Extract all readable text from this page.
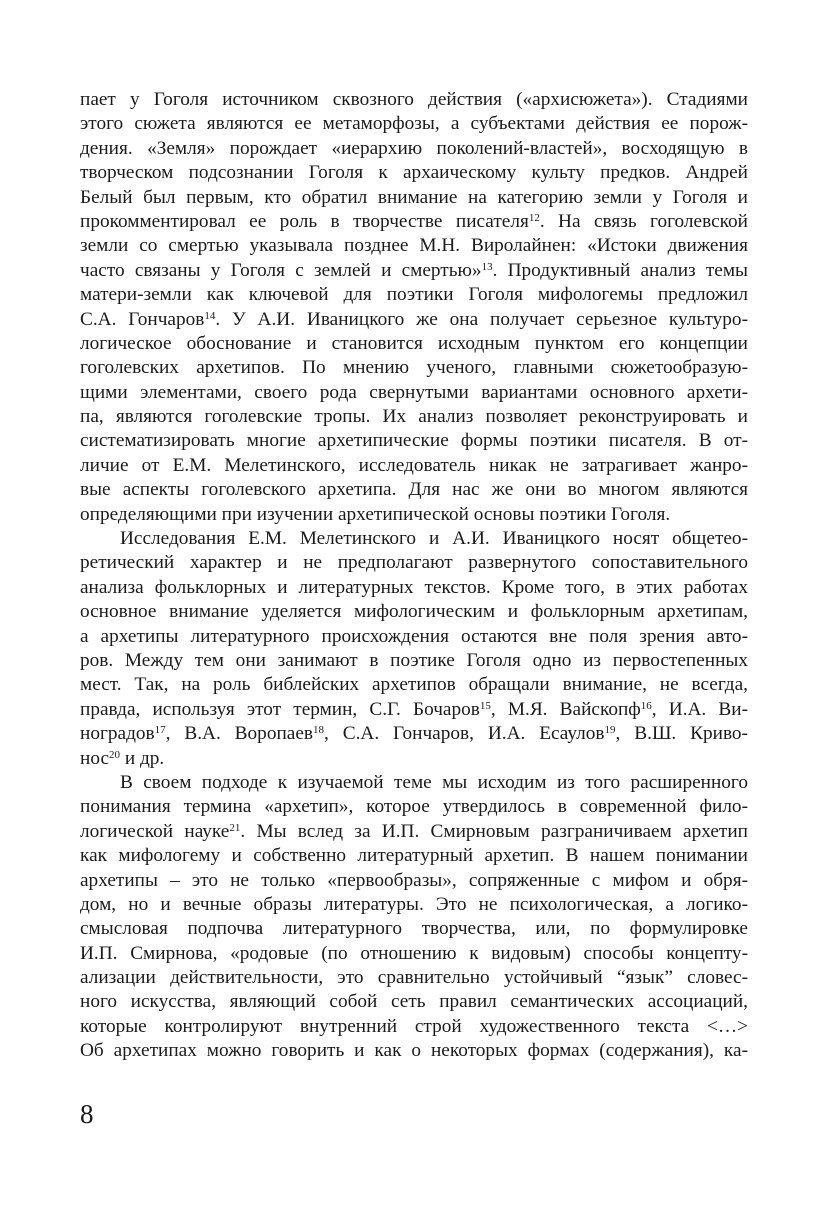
пает у Гоголя источником сквозного действия («архисюжета»). Стадиями
этого сюжета являются ее метаморфозы, а субъектами действия ее порож-
дения. «Земля» порождает «иерархию поколений-властей», восходящую в
творческом подсознании Гоголя к архаическому культу предков. Андрей
Белый был первым, кто обратил внимание на категорию земли у Гоголя и
прокомментировал ее роль в творчестве писателя$^{12}$. На связь гоголевской
земли со смертью указывала позднее М.Н. Виролайнен: «Истоки движения
часто связаны у Гоголя с землей и смертью»$^{13}$. Продуктивный анализ темы
матери-земли как ключевой для поэтики Гоголя мифологемы предложил
С.А. Гончаров$^{14}$. У А.И. Иваницкого же она получает серьезное культуро-
логическое обоснование и становится исходным пунктом его концепции
гоголевских архетипов. По мнению ученого, главными сюжетообразую-
щими элементами, своего рода свернутыми вариантами основного архети-
па, являются гоголевские тропы. Их анализ позволяет реконструировать и
систематизировать многие архетипические формы поэтики писателя. В от-
личие от Е.М. Мелетинского, исследователь никак не затрагивает жанро-
вые аспекты гоголевского архетипа. Для нас же они во многом являются
определяющими при изучении архетипической основы поэтики Гоголя.
Исследования Е.М. Мелетинского и А.И. Иваницкого носят общетео-
ретический характер и не предполагают развернутого сопоставительного
анализа фольклорных и литературных текстов. Кроме того, в этих работах
основное внимание уделяется мифологическим и фольклорным архетипам,
а архетипы литературного происхождения остаются вне поля зрения авто-
ров. Между тем они занимают в поэтике Гоголя одно из первостепенных
мест. Так, на роль библейских архетипов обращали внимание, не всегда,
правда, используя этот термин, С.Г. Бочаров$^{15}$, М.Я. Вайскопф$^{16}$, И.А. Ви-
ноградов$^{17}$, В.А. Воропаев$^{18}$, С.А. Гончаров, И.А. Есаулов$^{19}$, В.Ш. Криво-
нос$^{20}$ и др.
В своем подходе к изучаемой теме мы исходим из того расширенного
понимания термина «архетип», которое утвердилось в современной фило-
логической науке$^{21}$. Мы вслед за И.П. Смирновым разграничиваем архетип
как мифологему и собственно литературный архетип. В нашем понимании
архетипы – это не только «первообразы», сопряженные с мифом и обря-
дом, но и вечные образы литературы. Это не психологическая, а логико-
смысловая подпочва литературного творчества, или, по формулировке
И.П. Смирнова, «родовые (по отношению к видовым) способы концепту-
ализации действительности, это сравнительно устойчивый “язык” словес-
ного искусства, являющий собой сеть правил семантических ассоциаций,
которые контролируют внутренний строй художественного текста <…>
Об архетипах можно говорить и как о некоторых формах (содержания), ка-
8
